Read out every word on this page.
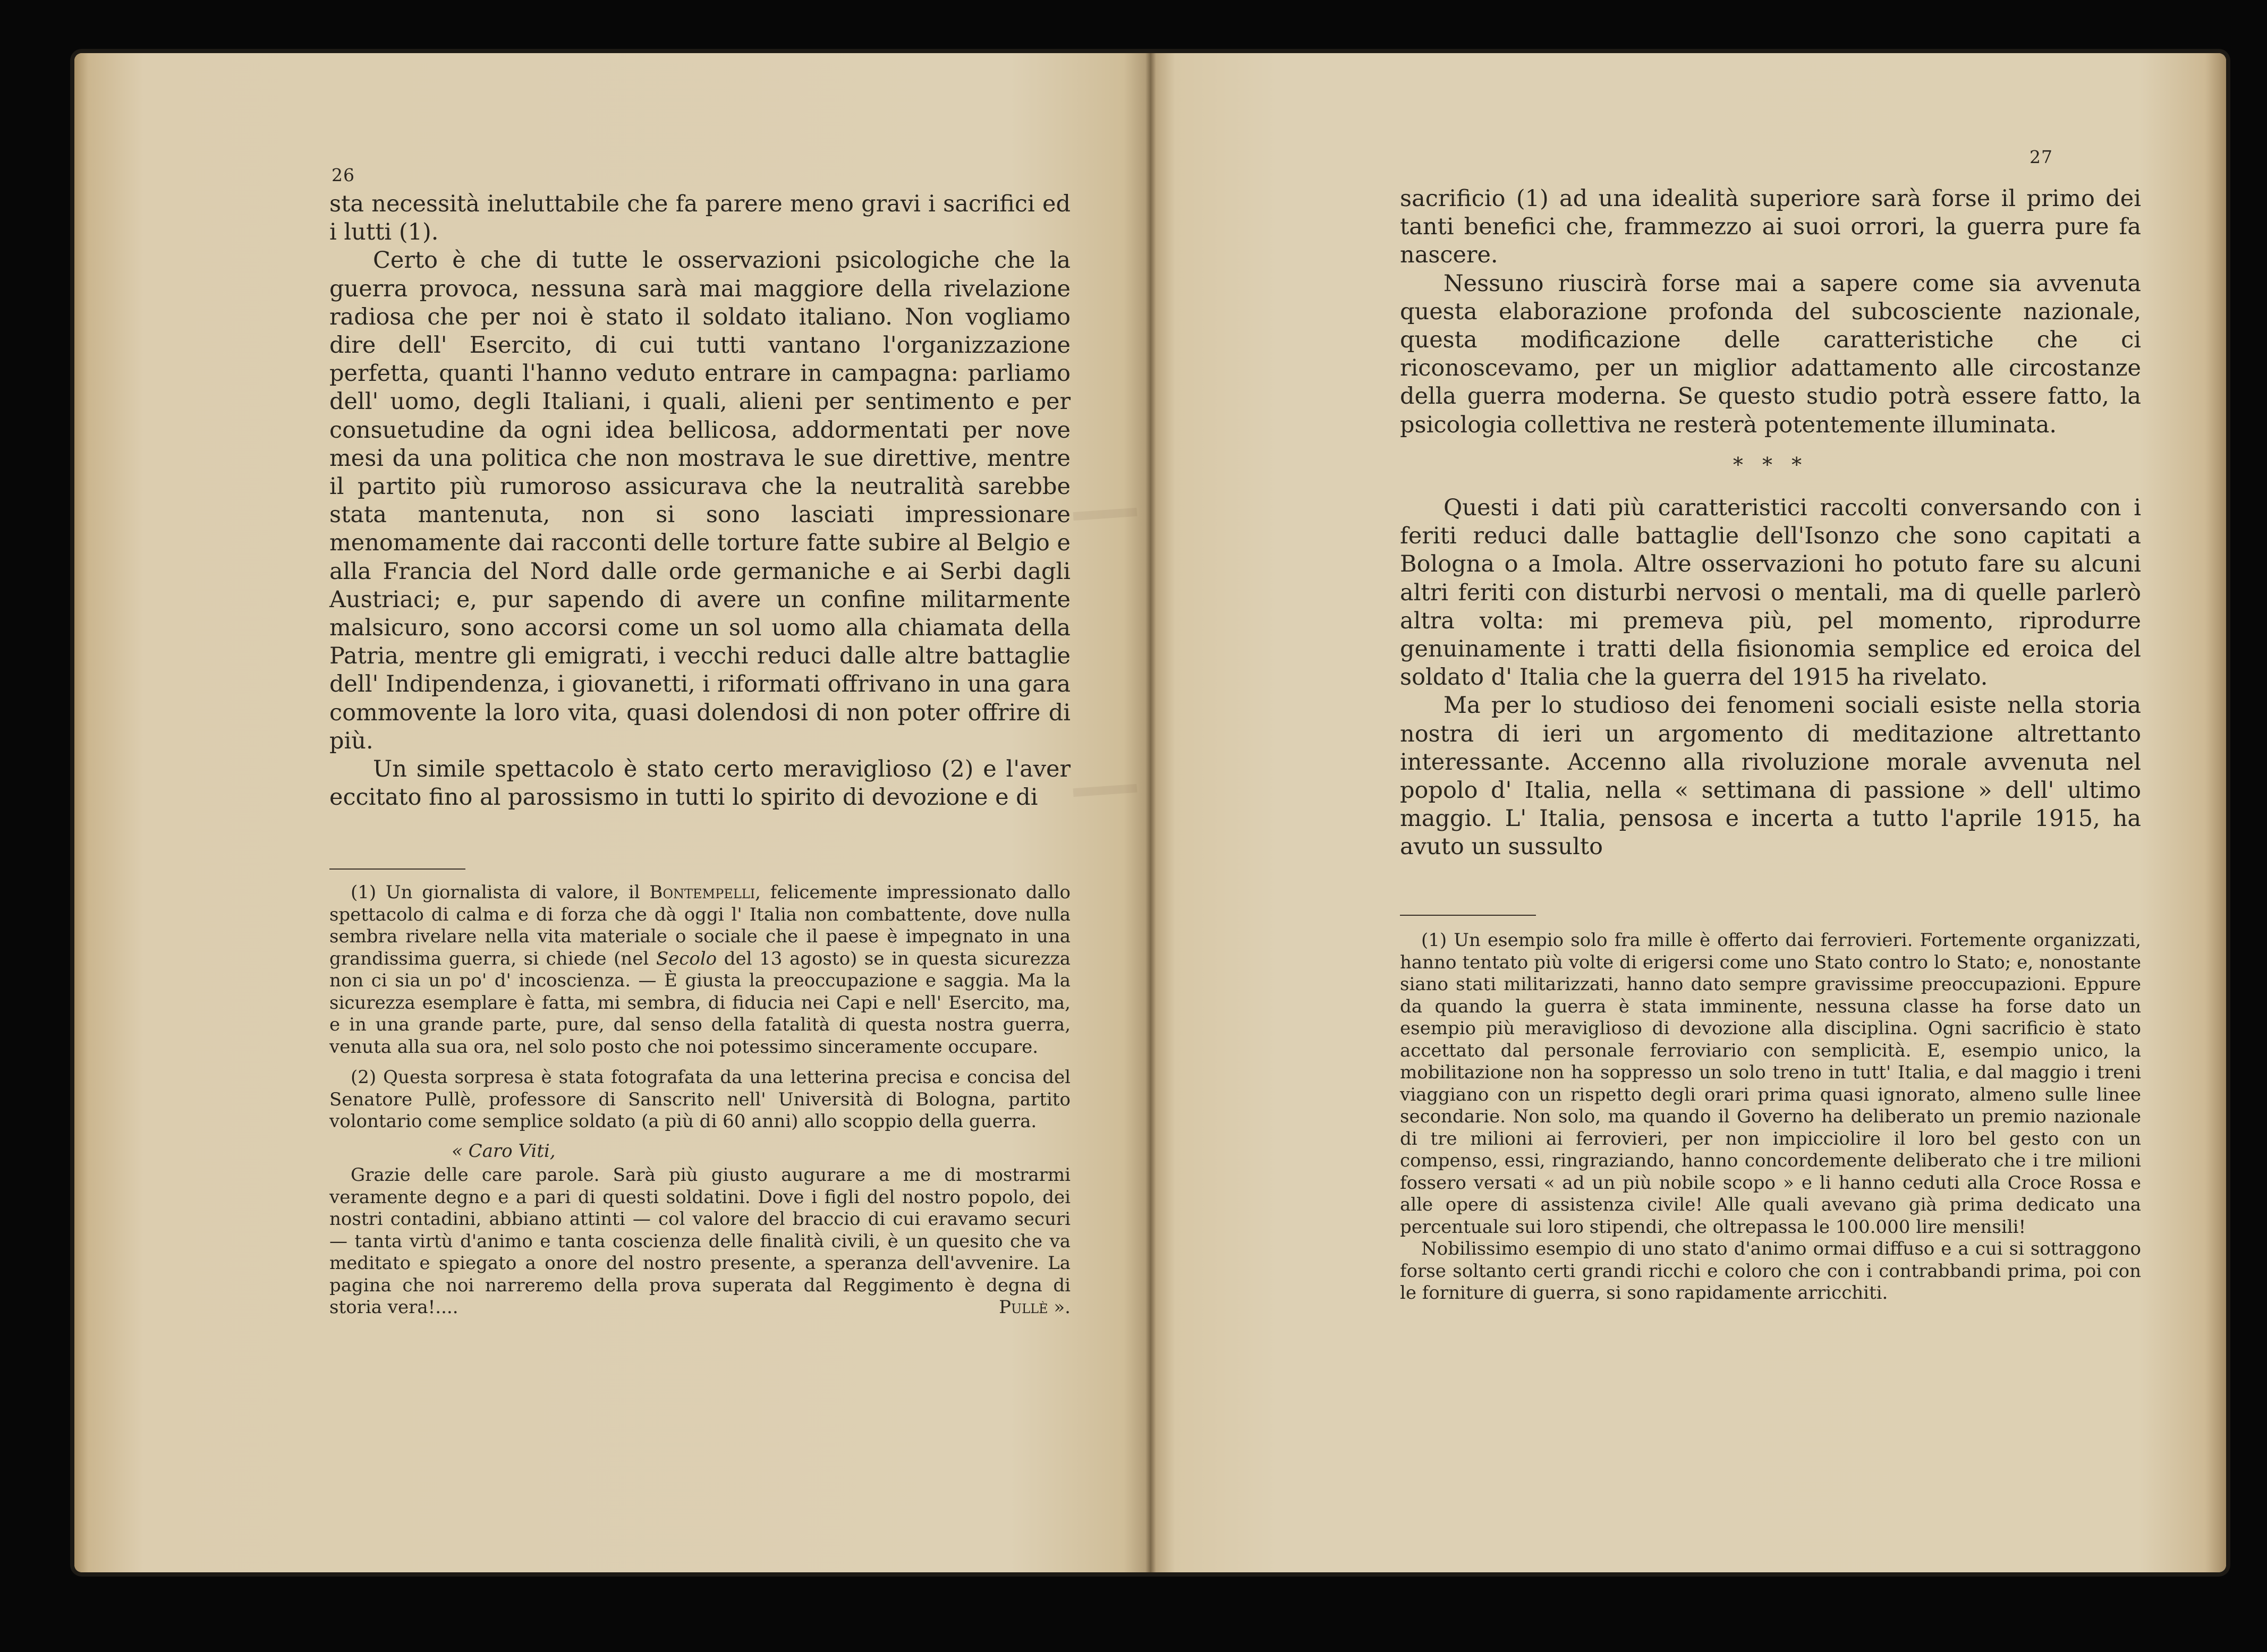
26

sta necessità ineluttabile che fa parere meno gravi i sacrifici ed i lutti (1).

Certo è che di tutte le osservazioni psicologiche che la guerra provoca, nessuna sarà mai maggiore della rivelazione radiosa che per noi è stato il soldato italiano. Non vogliamo dire dell' Esercito, di cui tutti vantano l'organizzazione perfetta, quanti l'hanno veduto entrare in campagna: parliamo dell' uomo, degli Italiani, i quali, alieni per sentimento e per consuetudine da ogni idea bellicosa, addormentati per nove mesi da una politica che non mostrava le sue direttive, mentre il partito più rumoroso assicurava che la neutralità sarebbe stata mantenuta, non si sono lasciati impressionare menomamente dai racconti delle torture fatte subire al Belgio e alla Francia del Nord dalle orde germaniche e ai Serbi dagli Austriaci; e, pur sapendo di avere un confine militarmente malsicuro, sono accorsi come un sol uomo alla chiamata della Patria, mentre gli emigrati, i vecchi reduci dalle altre battaglie dell' Indipendenza, i giovanetti, i riformati offrivano in una gara commovente la loro vita, quasi dolendosi di non poter offrire di più.

Un simile spettacolo è stato certo meraviglioso (2) e l'aver eccitato fino al parossismo in tutti lo spirito di devozione e di

(1) Un giornalista di valore, il Bontempelli, felicemente impressionato dallo spettacolo di calma e di forza che dà oggi l' Italia non combattente, dove nulla sembra rivelare nella vita materiale o sociale che il paese è impegnato in una grandissima guerra, si chiede (nel Secolo del 13 agosto) se in questa sicurezza non ci sia un po' d' incoscienza. — È giusta la preoccupazione e saggia. Ma la sicurezza esemplare è fatta, mi sembra, di fiducia nei Capi e nell' Esercito, ma, e in una grande parte, pure, dal senso della fatalità di questa nostra guerra, venuta alla sua ora, nel solo posto che noi potessimo sinceramente occupare.

(2) Questa sorpresa è stata fotografata da una letterina precisa e concisa del Senatore Pullè, professore di Sanscrito nell' Università di Bologna, partito volontario come semplice soldato (a più di 60 anni) allo scoppio della guerra.

« Caro Viti,

Grazie delle care parole. Sarà più giusto augurare a me di mostrarmi veramente degno e a pari di questi soldatini. Dove i figli del nostro popolo, dei nostri contadini, abbiano attinti — col valore del braccio di cui eravamo securi — tanta virtù d'animo e tanta coscienza delle finalità civili, è un quesito che va meditato e spiegato a onore del nostro presente, a speranza dell'avvenire. La pagina che noi narreremo della prova superata dal Reggimento è degna di storia vera!....	Pullè ».

27

sacrificio (1) ad una idealità superiore sarà forse il primo dei tanti benefici che, frammezzo ai suoi orrori, la guerra pure fa nascere.

Nessuno riuscirà forse mai a sapere come sia avvenuta questa elaborazione profonda del subcosciente nazionale, questa modificazione delle caratteristiche che ci riconoscevamo, per un miglior adattamento alle circostanze della guerra moderna. Se questo studio potrà essere fatto, la psicologia collettiva ne resterà potentemente illuminata.

* * *

Questi i dati più caratteristici raccolti conversando con i feriti reduci dalle battaglie dell'Isonzo che sono capitati a Bologna o a Imola. Altre osservazioni ho potuto fare su alcuni altri feriti con disturbi nervosi o mentali, ma di quelle parlerò altra volta: mi premeva più, pel momento, riprodurre genuinamente i tratti della fisionomia semplice ed eroica del soldato d' Italia che la guerra del 1915 ha rivelato.

Ma per lo studioso dei fenomeni sociali esiste nella storia nostra di ieri un argomento di meditazione altrettanto interessante. Accenno alla rivoluzione morale avvenuta nel popolo d' Italia, nella « settimana di passione » dell' ultimo maggio. L' Italia, pensosa e incerta a tutto l'aprile 1915, ha avuto un sussulto

(1) Un esempio solo fra mille è offerto dai ferrovieri. Fortemente organizzati, hanno tentato più volte di erigersi come uno Stato contro lo Stato; e, nonostante siano stati militarizzati, hanno dato sempre gravissime preoccupazioni. Eppure da quando la guerra è stata imminente, nessuna classe ha forse dato un esempio più meraviglioso di devozione alla disciplina. Ogni sacrificio è stato accettato dal personale ferroviario con semplicità. E, esempio unico, la mobilitazione non ha soppresso un solo treno in tutt' Italia, e dal maggio i treni viaggiano con un rispetto degli orari prima quasi ignorato, almeno sulle linee secondarie. Non solo, ma quando il Governo ha deliberato un premio nazionale di tre milioni ai ferrovieri, per non impicciolire il loro bel gesto con un compenso, essi, ringraziando, hanno concordemente deliberato che i tre milioni fossero versati « ad un più nobile scopo » e li hanno ceduti alla Croce Rossa e alle opere di assistenza civile! Alle quali avevano già prima dedicato una percentuale sui loro stipendi, che oltrepassa le 100.000 lire mensili!

Nobilissimo esempio di uno stato d'animo ormai diffuso e a cui si sottraggono forse soltanto certi grandi ricchi e coloro che con i contrabbandi prima, poi con le forniture di guerra, si sono rapidamente arricchiti.
